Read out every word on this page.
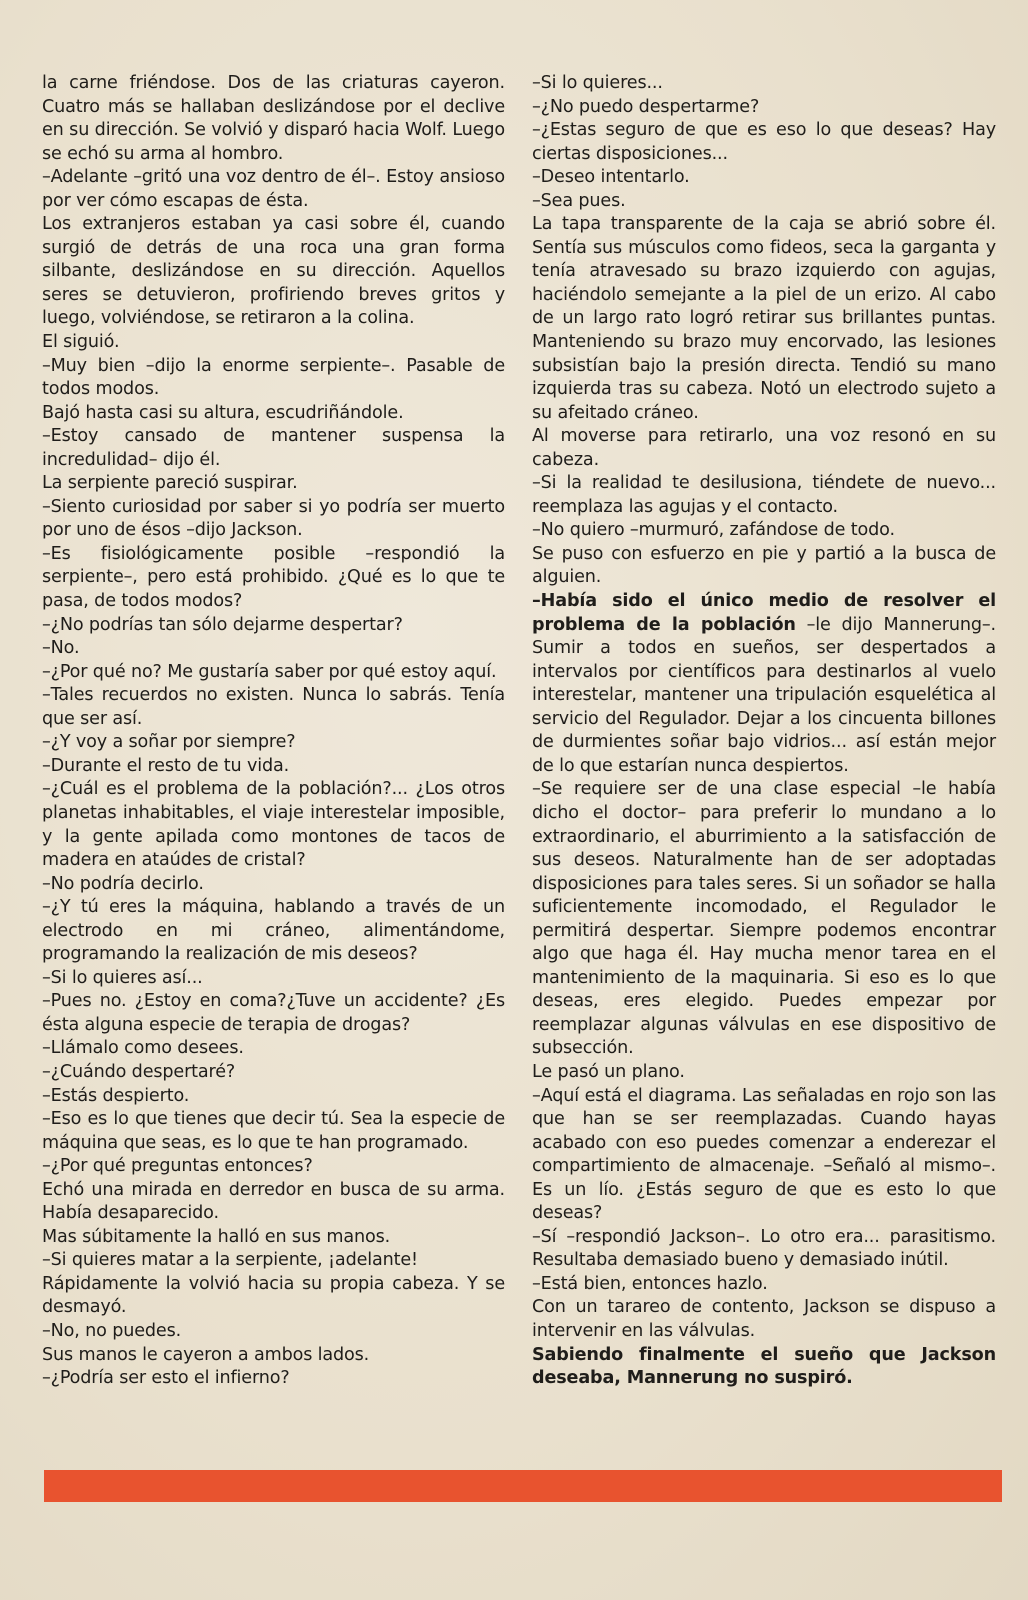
la carne friéndose. Dos de las criaturas cayeron. Cuatro más se hallaban deslizándose por el declive en su dirección. Se volvió y disparó hacia Wolf. Luego se echó su arma al hombro.

–Adelante –gritó una voz dentro de él–. Estoy ansioso por ver cómo escapas de ésta.

Los extranjeros estaban ya casi sobre él, cuando surgió de detrás de una roca una gran forma silbante, deslizándose en su dirección. Aquellos seres se detuvieron, profiriendo breves gritos y luego, volviéndose, se retiraron a la colina.

El siguió.

–Muy bien –dijo la enorme serpiente–. Pasable de todos modos.

Bajó hasta casi su altura, escudriñándole.

–Estoy cansado de mantener suspensa la incredulidad– dijo él.

La serpiente pareció suspirar.

–Siento curiosidad por saber si yo podría ser muerto por uno de ésos –dijo Jackson.

–Es fisiológicamente posible –respondió la serpiente–, pero está prohibido. ¿Qué es lo que te pasa, de todos modos?

–¿No podrías tan sólo dejarme despertar?

–No.

–¿Por qué no? Me gustaría saber por qué estoy aquí.

–Tales recuerdos no existen. Nunca lo sabrás. Tenía que ser así.

–¿Y voy a soñar por siempre?

–Durante el resto de tu vida.

–¿Cuál es el problema de la población?... ¿Los otros planetas inhabitables, el viaje interestelar imposible, y la gente apilada como montones de tacos de madera en ataúdes de cristal?

–No podría decirlo.

–¿Y tú eres la máquina, hablando a través de un electrodo en mi cráneo, alimentándome, programando la realización de mis deseos?

–Si lo quieres así...

–Pues no. ¿Estoy en coma?¿Tuve un accidente? ¿Es ésta alguna especie de terapia de drogas?

–Llámalo como desees.

–¿Cuándo despertaré?

–Estás despierto.

–Eso es lo que tienes que decir tú. Sea la especie de máquina que seas, es lo que te han programado.

–¿Por qué preguntas entonces?

Echó una mirada en derredor en busca de su arma. Había desaparecido.

Mas súbitamente la halló en sus manos.

–Si quieres matar a la serpiente, ¡adelante!

Rápidamente la volvió hacia su propia cabeza. Y se desmayó.

–No, no puedes.

Sus manos le cayeron a ambos lados.

–¿Podría ser esto el infierno?

–Si lo quieres...

–¿No puedo despertarme?

–¿Estas seguro de que es eso lo que deseas? Hay ciertas disposiciones...

–Deseo intentarlo.

–Sea pues.

La tapa transparente de la caja se abrió sobre él. Sentía sus músculos como fideos, seca la garganta y tenía atravesado su brazo izquierdo con agujas, haciéndolo semejante a la piel de un erizo. Al cabo de un largo rato logró retirar sus brillantes puntas. Manteniendo su brazo muy encorvado, las lesiones subsistían bajo la presión directa. Tendió su mano izquierda tras su cabeza. Notó un electrodo sujeto a su afeitado cráneo.

Al moverse para retirarlo, una voz resonó en su cabeza.

–Si la realidad te desilusiona, tiéndete de nuevo... reemplaza las agujas y el contacto.

–No quiero –murmuró, zafándose de todo.

Se puso con esfuerzo en pie y partió a la busca de alguien.

–Había sido el único medio de resolver el problema de la población –le dijo Mannerung–. Sumir a todos en sueños, ser despertados a intervalos por científicos para destinarlos al vuelo interestelar, mantener una tripulación esquelética al servicio del Regulador. Dejar a los cincuenta billones de durmientes soñar bajo vidrios... así están mejor de lo que estarían nunca despiertos.

–Se requiere ser de una clase especial –le había dicho el doctor– para preferir lo mundano a lo extraordinario, el aburrimiento a la satisfacción de sus deseos. Naturalmente han de ser adoptadas disposiciones para tales seres. Si un soñador se halla suficientemente incomodado, el Regulador le permitirá despertar. Siempre podemos encontrar algo que haga él. Hay mucha menor tarea en el mantenimiento de la maquinaria. Si eso es lo que deseas, eres elegido. Puedes empezar por reemplazar algunas válvulas en ese dispositivo de subsección.

Le pasó un plano.

–Aquí está el diagrama. Las señaladas en rojo son las que han se ser reemplazadas. Cuando hayas acabado con eso puedes comenzar a enderezar el compartimiento de almacenaje. –Señaló al mismo–. Es un lío. ¿Estás seguro de que es esto lo que deseas?

–Sí –respondió Jackson–. Lo otro era... parasitismo. Resultaba demasiado bueno y demasiado inútil.

–Está bien, entonces hazlo.

Con un tarareo de contento, Jackson se dispuso a intervenir en las válvulas.

Sabiendo finalmente el sueño que Jackson deseaba, Mannerung no suspiró.
